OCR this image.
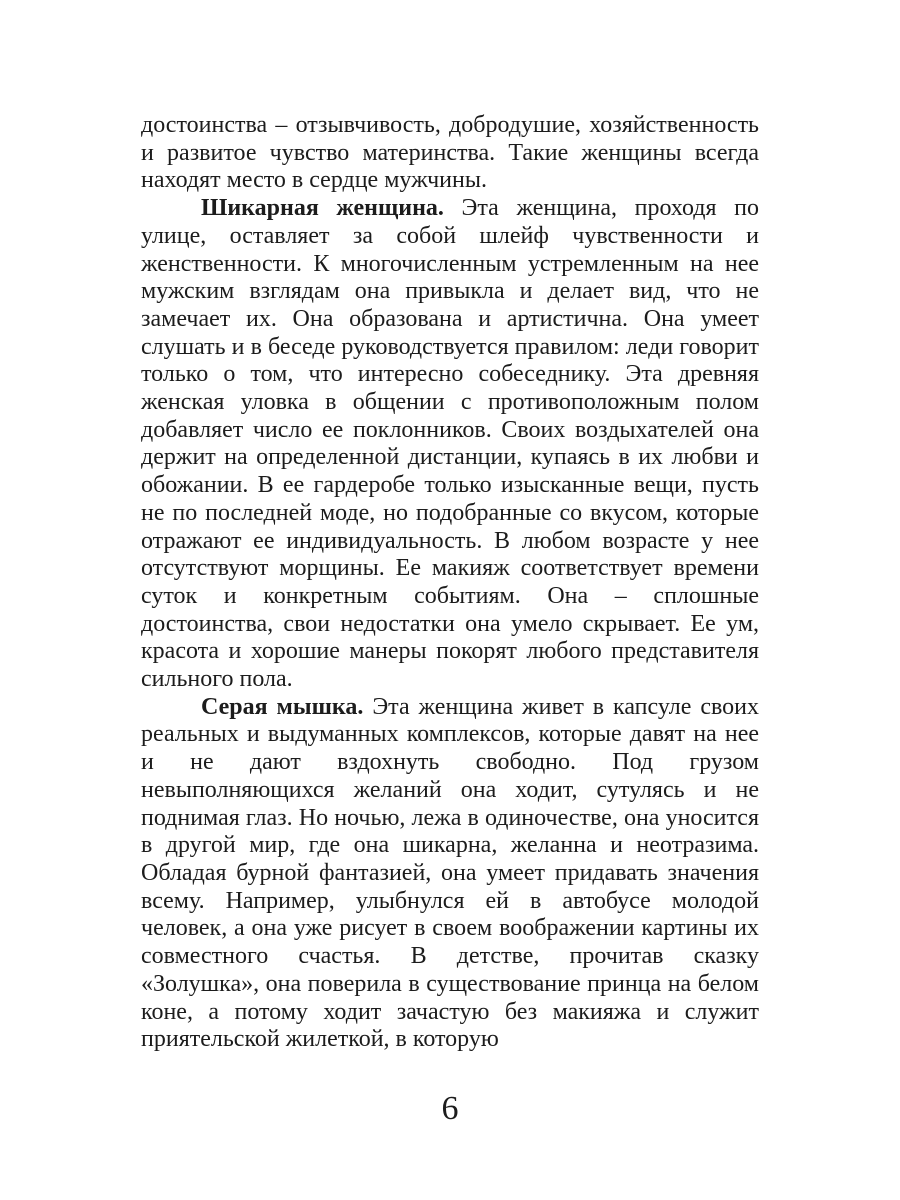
достоинства – отзывчивость, добродушие, хозяйственность и развитое чувство материнства. Такие женщины всегда находят место в сердце мужчины.

Шикарная женщина. Эта женщина, проходя по улице, оставляет за собой шлейф чувственности и женственности. К многочисленным устремленным на нее мужским взглядам она привыкла и делает вид, что не замечает их. Она образована и артистична. Она умеет слушать и в беседе руководствуется правилом: леди говорит только о том, что интересно собеседнику. Эта древняя женская уловка в общении с противоположным полом добавляет число ее поклонников. Своих воздыхателей она держит на определенной дистанции, купаясь в их любви и обожании. В ее гардеробе только изысканные вещи, пусть не по последней моде, но подобранные со вкусом, которые отражают ее индивидуальность. В любом возрасте у нее отсутствуют морщины. Ее макияж соответствует времени суток и конкретным событиям. Она – сплошные достоинства, свои недостатки она умело скрывает. Ее ум, красота и хорошие манеры покорят любого представителя сильного пола.

Серая мышка. Эта женщина живет в капсуле своих реальных и выдуманных комплексов, которые давят на нее и не дают вздохнуть свободно. Под грузом невыполняющихся желаний она ходит, сутулясь и не поднимая глаз. Но ночью, лежа в одиночестве, она уносится в другой мир, где она шикарна, желанна и неотразима. Обладая бурной фантазией, она умеет придавать значения всему. Например, улыбнулся ей в автобусе молодой человек, а она уже рисует в своем воображении картины их совместного счастья. В детстве, прочитав сказку «Золушка», она поверила в существование принца на белом коне, а потому ходит зачастую без макияжа и служит приятельской жилеткой, в которую

6
